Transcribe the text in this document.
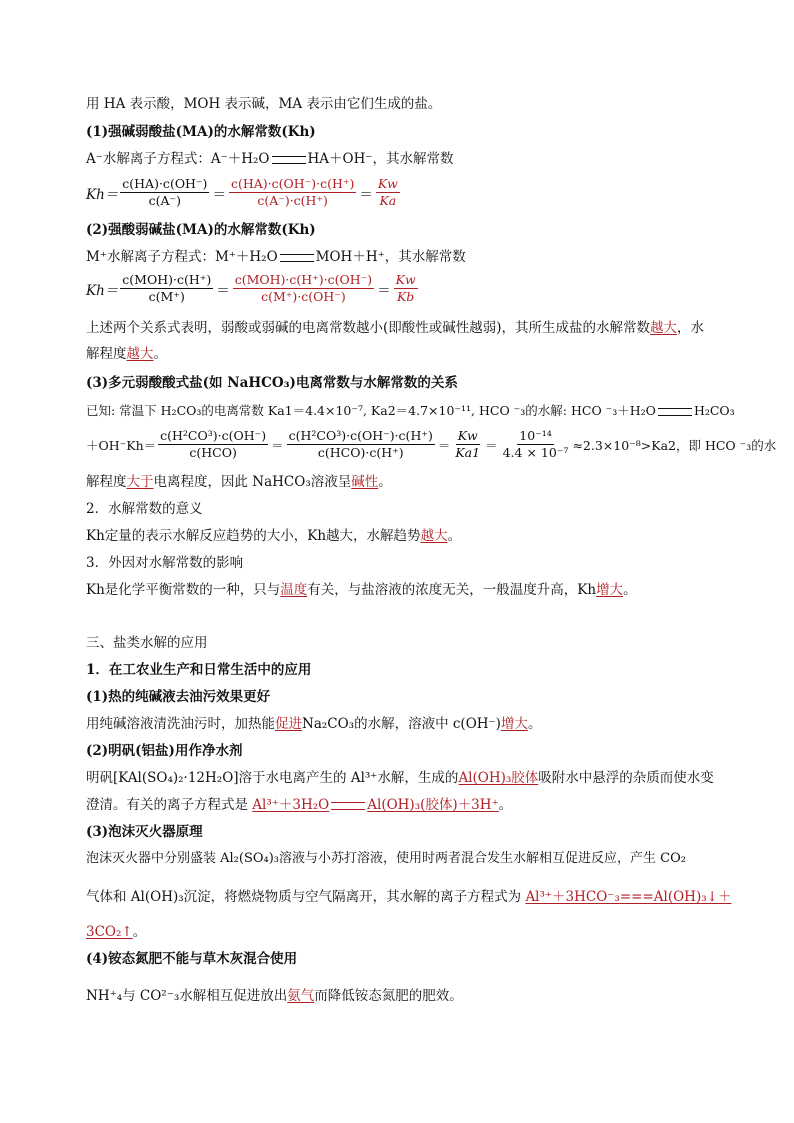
用 HA 表示酸，MOH 表示碱，MA 表示由它们生成的盐。
(1)强碱弱酸盐(MA)的水解常数(Kh)
A⁻水解离子方程式：A⁻＋H₂O	HA＋OH⁻，其水解常数
$Kh= \frac{c(HA)\cdot c(OH^-)}{c(A^-)} = \frac{c(HA)\cdot c(OH^-)\cdot c(H^+)}{c(A^-)\cdot c(H^+)} = \frac{Kw}{Ka}$
(2)强酸弱碱盐(MA)的水解常数(Kh)
M⁺水解离子方程式：M⁺＋H₂O	MOH＋H⁺，其水解常数
$Kh= \frac{\text{c(MOH)·c(H⁺)}}{c(M^+)} = \frac{\text{c(MOH)·c(H⁺)·c(OH⁻)}}{c(M^+)\cdot c(OH^-)} = \frac{Kw}{Kb}$
上述两个关系式表明，弱酸或弱碱的电离常数越小(即酸性或碱性越弱)，其所生成盐的水解常数越大，水
解程度越大。
(3)多元弱酸酸式盐(如 NaHCO₃)电离常数与水解常数的关系
已知: 常温下 H₂CO₃的电离常数 Ka1＝4.4×10⁻⁷, Ka2＝4.7×10⁻¹¹, HCO ⁻₃的水解: HCO ⁻₃＋H₂O	H₂CO₃
$+OH^-Kh= \frac{\text{c(H²CO³)·c(OH⁻)}}{\text{c(HCO)}} = \frac{\text{c(H²CO³)·c(OH⁻)·c(H⁺)}}{\text{c(HCO)·c(H⁺)}} = \frac{Kw}{Ka1} = \frac{\text{10⁻¹⁴}}{\text{4.4 × 10⁻⁷}} \approx 2.3\times 10^{-8}>Ka2$，即 HCO ⁻₃的水
解程度大于电离程度，因此 NaHCO₃溶液呈碱性。
2．水解常数的意义
Kh定量的表示水解反应趋势的大小，Kh越大，水解趋势越大。
3．外因对水解常数的影响
Kh是化学平衡常数的一种，只与温度有关，与盐溶液的浓度无关，一般温度升高，Kh增大。
三、盐类水解的应用
1．在工农业生产和日常生活中的应用
(1)热的纯碱液去油污效果更好
用纯碱溶液清洗油污时，加热能促进Na₂CO₃的水解，溶液中 c(OH⁻)增大。
(2)明矾(铝盐)用作净水剂
明矾[KAl(SO₄)₂·12H₂O]溶于水电离产生的 Al³⁺水解，生成的Al(OH)₃胶体吸附水中悬浮的杂质而使水变
澄清。有关的离子方程式是 Al³⁺＋3H₂O	Al(OH)₃(胶体)＋3H⁺。
(3)泡沫灭火器原理
泡沫灭火器中分别盛装 Al₂(SO₄)₃溶液与小苏打溶液，使用时两者混合发生水解相互促进反应，产生 CO₂
气体和 Al(OH)₃沉淀，将燃烧物质与空气隔离开，其水解的离子方程式为 Al³⁺＋3HCO⁻₃===Al(OH)₃↓＋
3CO₂↑。
(4)铵态氮肥不能与草木灰混合使用
NH⁺₄与 CO²⁻₃水解相互促进放出氨气而降低铵态氮肥的肥效。
